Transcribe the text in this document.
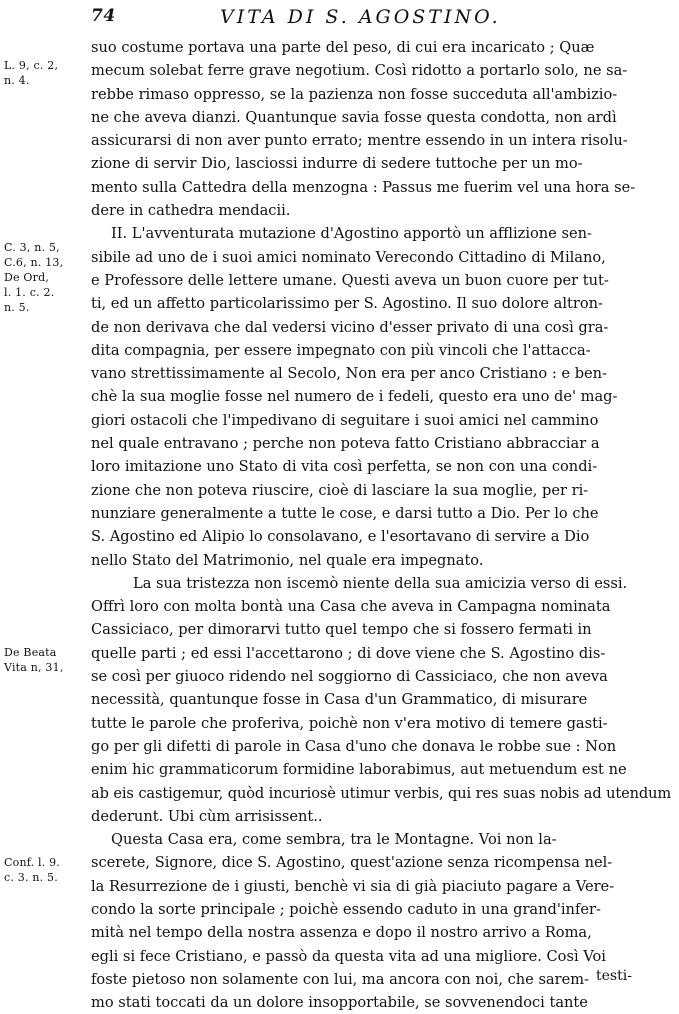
74	VITA DI S. AGOSTINO.
L. 9, c. 2,
n. 4.
C. 3, n. 5,
C.6, n. 13,
De Ord,
l. 1. c. 2.
n. 5.
De Beata
Vita n, 31,
Conf. l. 9.
c. 3. n. 5.
suo costume portava una parte del peso, di cui era incaricato ; Quæ
mecum solebat ferre grave negotium. Così ridotto a portarlo solo, ne sa-
rebbe rimaso oppresso, se la pazienza non fosse succeduta all'ambizio-
ne che aveva dianzi. Quantunque savia fosse questa condotta, non ardì
assicurarsi di non aver punto errato; mentre essendo in un intera risolu-
zione di servir Dio, lasciossi indurre di sedere tuttoche per un mo-
mento sulla Cattedra della menzogna : Passus me fuerim vel una hora se-
dere in cathedra mendacii.
II. L'avventurata mutazione d'Agostino apportò un afflizione sen-
sibile ad uno de i suoi amici nominato Verecondo Cittadino di Milano,
e Professore delle lettere umane. Questi aveva un buon cuore per tut-
ti, ed un affetto particolarissimo per S. Agostino. Il suo dolore altron-
de non derivava che dal vedersi vicino d'esser privato di una così gra-
dita compagnia, per essere impegnato con più vincoli che l'attacca-
vano strettissimamente al Secolo, Non era per anco Cristiano : e ben-
chè la sua moglie fosse nel numero de i fedeli, questo era uno de' mag-
giori ostacoli che l'impedivano di seguitare i suoi amici nel cammino
nel quale entravano ; perche non poteva fatto Cristiano abbracciar a
loro imitazione uno Stato di vita così perfetta, se non con una condi-
zione che non poteva riuscire, cioè di lasciare la sua moglie, per ri-
nunziare generalmente a tutte le cose, e darsi tutto a Dio. Per lo che
S. Agostino ed Alipio lo consolavano, e l'esortavano di servire a Dio
nello Stato del Matrimonio, nel quale era impegnato.
La sua tristezza non iscemò niente della sua amicizia verso di essi.
Offrì loro con molta bontà una Casa che aveva in Campagna nominata
Cassiciaco, per dimorarvi tutto quel tempo che si fossero fermati in
quelle parti ; ed essi l'accettarono ; di dove viene che S. Agostino dis-
se così per giuoco ridendo nel soggiorno di Cassiciaco, che non aveva
necessità, quantunque fosse in Casa d'un Grammatico, di misurare
tutte le parole che proferiva, poichè non v'era motivo di temere gasti-
go per gli difetti di parole in Casa d'uno che donava le robbe sue : Non
enim hic grammaticorum formidine laborabimus, aut metuendum est ne
ab eis castigemur, quòd incuriosè utimur verbis, qui res suas nobis ad utendum
dederunt. Ubi cùm arrisissent..
Questa Casa era, come sembra, tra le Montagne. Voi non la-
scerete, Signore, dice S. Agostino, quest'azione senza ricompensa nel-
la Resurrezione de i giusti, benchè vi sia di già piaciuto pagare a Vere-
condo la sorte principale ; poichè essendo caduto in una grand'infer-
mità nel tempo della nostra assenza e dopo il nostro arrivo a Roma,
egli si fece Cristiano, e passò da questa vita ad una migliore. Così Voi
foste pietoso non solamente con lui, ma ancora con noi, che sarem-
mo stati toccati da un dolore insopportabile, se sovvenendoci tante
testi-
